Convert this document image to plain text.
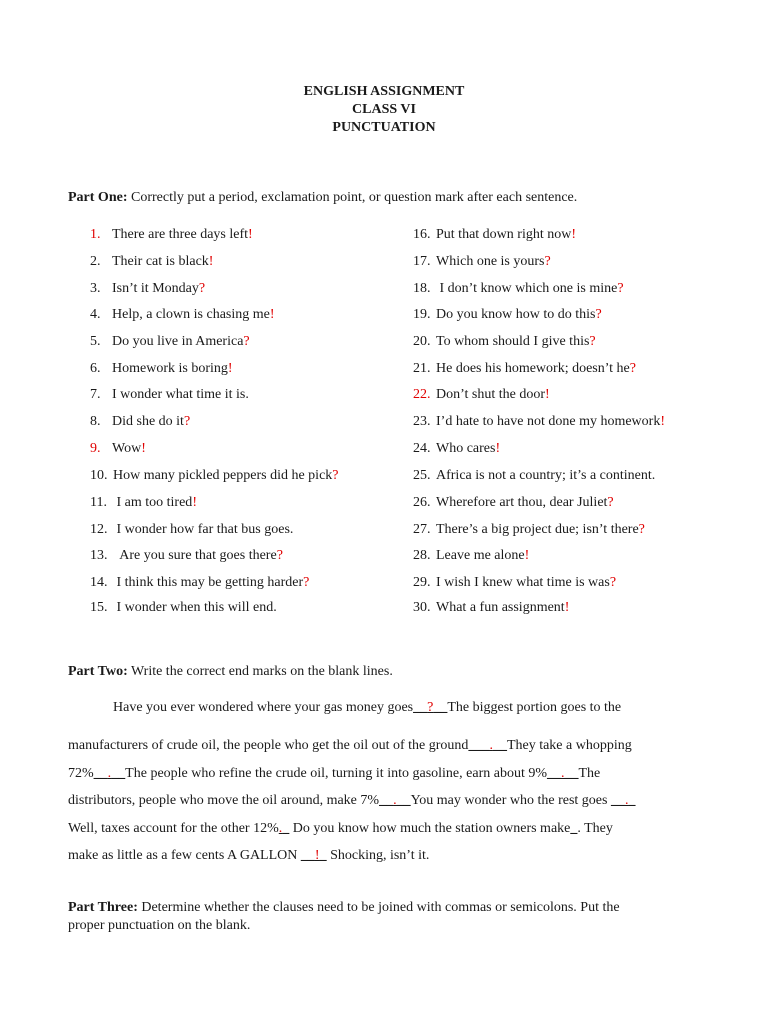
ENGLISH ASSIGNMENT
CLASS VI
PUNCTUATION
Part One: Correctly put a period, exclamation point, or question mark after each sentence.
1. There are three days left!
2. Their cat is black!
3. Isn’t it Monday?
4. Help, a clown is chasing me!
5. Do you live in America?
6. Homework is boring!
7. I wonder what time it is.
8. Did she do it?
9. Wow!
10. How many pickled peppers did he pick?
11. I am too tired!
12. I wonder how far that bus goes.
13.  Are you sure that goes there?
14. I think this may be getting harder?
15. I wonder when this will end.
16. Put that down right now!
17. Which one is yours?
18. I don’t know which one is mine?
19. Do you know how to do this?
20. To whom should I give this?
21. He does his homework; doesn’t he?
22. Don’t shut the door!
23. I’d hate to have not done my homework!
24. Who cares!
25. Africa is not a country; it’s a continent.
26. Wherefore art thou, dear Juliet?
27. There’s a big project due; isn’t there?
28. Leave me alone!
29. I wish I knew what time is was?
30. What a fun assignment!
Part Two: Write the correct end marks on the blank lines.
Have you ever wondered where your gas money goes__?__The biggest portion goes to the
manufacturers of crude oil, the people who get the oil out of the ground___.__They take a whopping
72%__.__The people who refine the crude oil, turning it into gasoline, earn about 9%__.__The
distributors, people who move the oil around, make 7%__.__You may wonder who the rest goes __._
Well, taxes account for the other 12%._ Do you know how much the station owners make_. They
make as little as a few cents A GALLON __!_ Shocking, isn’t it.
Part Three: Determine whether the clauses need to be joined with commas or semicolons. Put the
proper punctuation on the blank.
